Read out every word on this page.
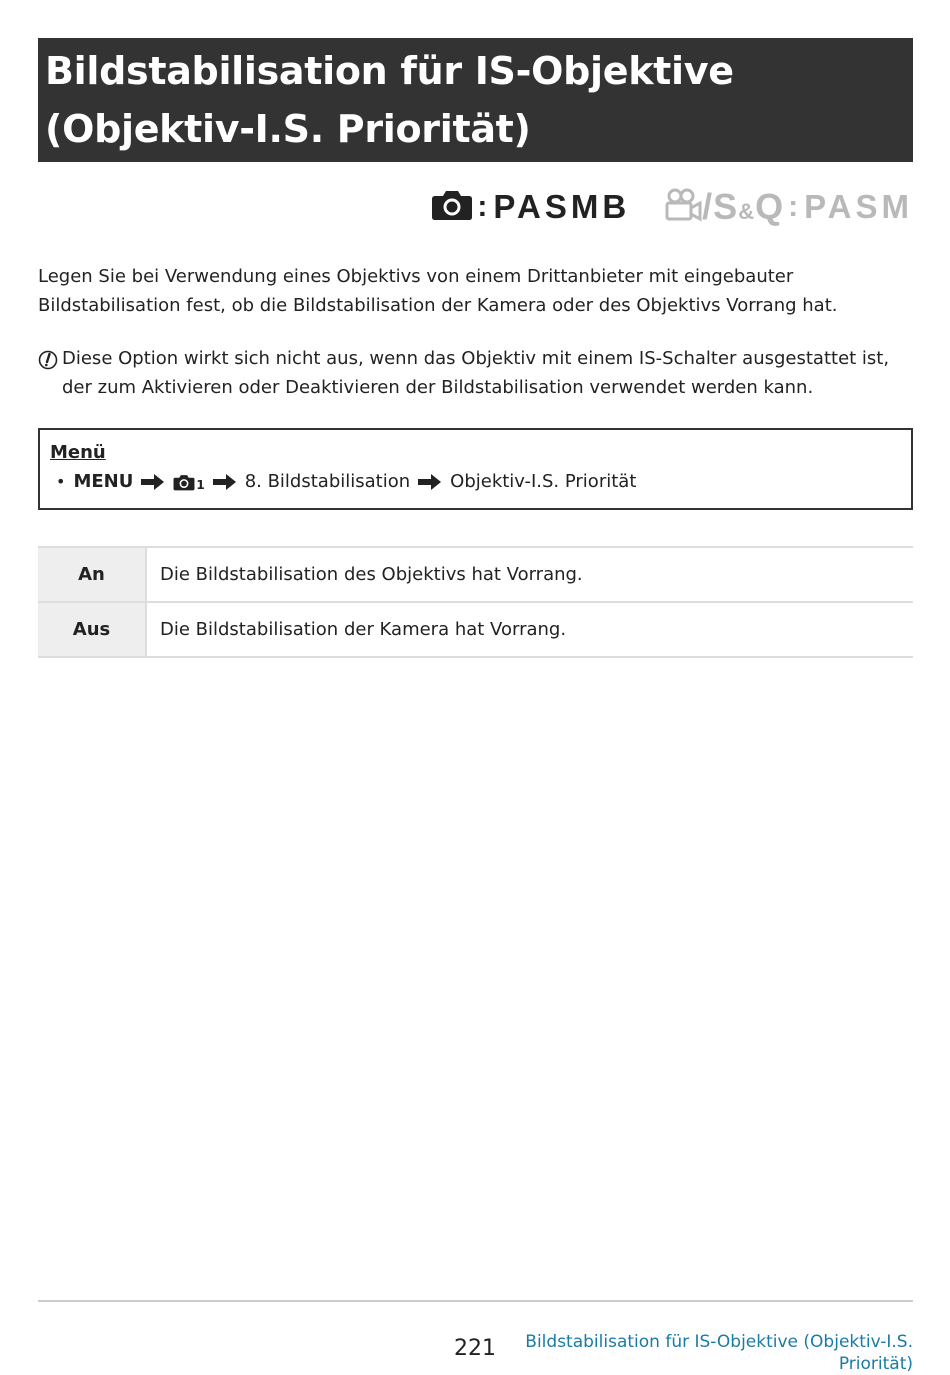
Bildstabilisation für IS-Objektive (Objektiv-I.S. Priorität)
: PASMB / S & Q : PASM

Legen Sie bei Verwendung eines Objektivs von einem Drittanbieter mit eingebauter Bildstabilisation fest, ob die Bildstabilisation der Kamera oder des Objektivs Vorrang hat.

Diese Option wirkt sich nicht aus, wenn das Objektiv mit einem IS-Schalter ausgestattet ist, der zum Aktivieren oder Deaktivieren der Bildstabilisation verwendet werden kann.
Menü
• MENU	1 8. Bildstabilisation Objektiv-I.S. Priorität
An	Die Bildstabilisation des Objektivs hat Vorrang.
Aus	Die Bildstabilisation der Kamera hat Vorrang.
221	Bildstabilisation für IS-Objektive (Objektiv-I.S. Priorität)
